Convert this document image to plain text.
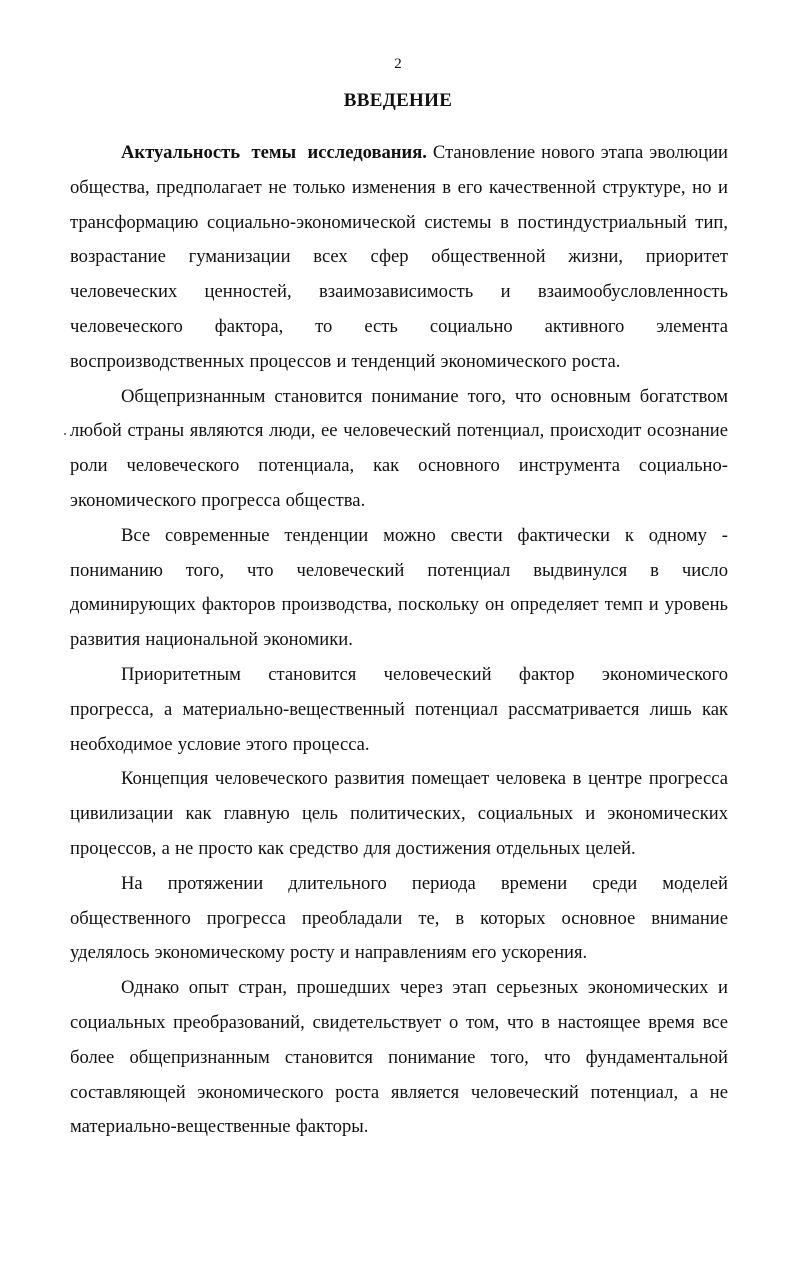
2
ВВЕДЕНИЕ

Актуальность темы исследования. Становление нового этапа эволюции общества, предполагает не только изменения в его качественной структуре, но и трансформацию социально-экономической системы в постиндустриальный тип, возрастание гуманизации всех сфер общественной жизни, приоритет человеческих ценностей, взаимозависимость и взаимообусловленность человеческого фактора, то есть социально активного элемента воспроизводственных процессов и тенденций экономического роста.

Общепризнанным становится понимание того, что основным богатством любой страны являются люди, ее человеческий потенциал, происходит осознание роли человеческого потенциала, как основного инструмента социально-экономического прогресса общества.

Все современные тенденции можно свести фактически к одному - пониманию того, что человеческий потенциал выдвинулся в число доминирующих факторов производства, поскольку он определяет темп и уровень развития национальной экономики.

Приоритетным становится человеческий фактор экономического прогресса, а материально-вещественный потенциал рассматривается лишь как необходимое условие этого процесса.

Концепция человеческого развития помещает человека в центре прогресса цивилизации как главную цель политических, социальных и экономических процессов, а не просто как средство для достижения отдельных целей.

На протяжении длительного периода времени среди моделей общественного прогресса преобладали те, в которых основное внимание уделялось экономическому росту и направлениям его ускорения.

Однако опыт стран, прошедших через этап серьезных экономических и социальных преобразований, свидетельствует о том, что в настоящее время все более общепризнанным становится понимание того, что фундаментальной составляющей экономического роста является человеческий потенциал, а не материально-вещественные факторы.
